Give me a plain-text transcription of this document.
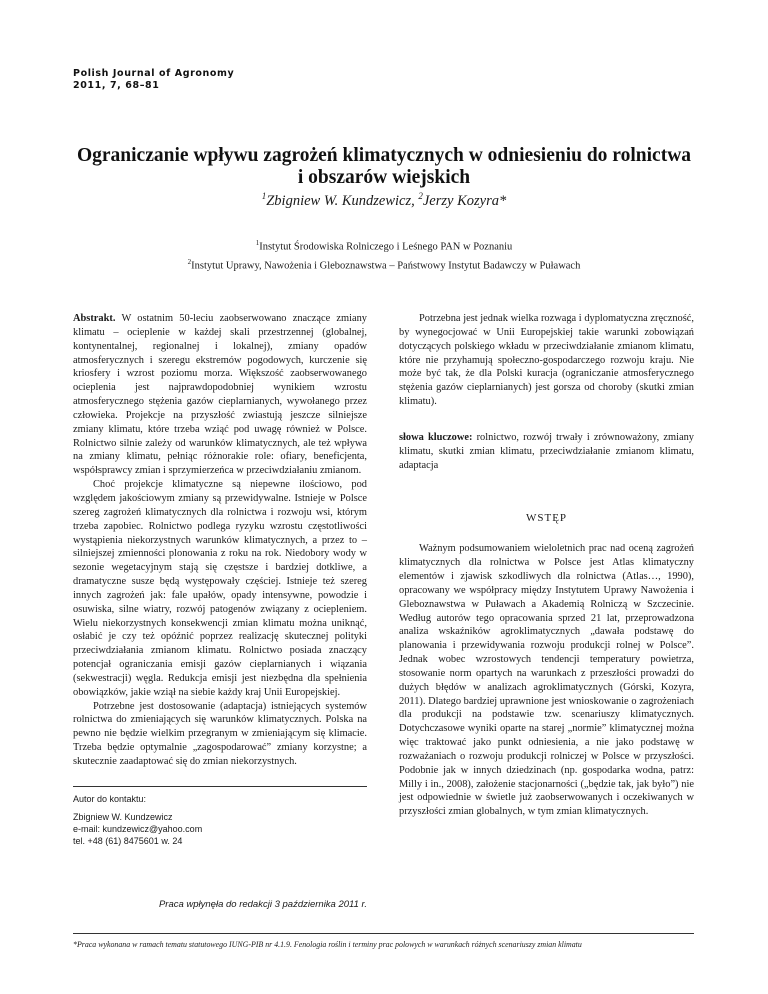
Polish Journal of Agronomy
2011, 7, 68–81
Ograniczanie wpływu zagrożeń klimatycznych w odniesieniu do rolnictwa
i obszarów wiejskich
$^1$Zbigniew W. Kundzewicz, $^2$Jerzy Kozyra*
$^1$Instytut Środowiska Rolniczego i Leśnego PAN w Poznaniu
$^2$Instytut Uprawy, Nawożenia i Gleboznawstwa – Państwowy Instytut Badawczy w Puławach

Abstrakt. W ostatnim 50-leciu zaobserwowano znaczące zmiany klimatu – ocieplenie w każdej skali przestrzennej (globalnej, kontynentalnej, regionalnej i lokalnej), zmiany opadów atmosferycznych i szeregu ekstremów pogodowych, kurczenie się kriosfery i wzrost poziomu morza. Większość zaobserwowanego ocieplenia jest najprawdopodobniej wynikiem wzrostu atmosferycznego stężenia gazów cieplarnianych, wywołanego przez człowieka. Projekcje na przyszłość zwiastują jeszcze silniejsze zmiany klimatu, które trzeba wziąć pod uwagę również w Polsce. Rolnictwo silnie zależy od warunków klimatycznych, ale też wpływa na zmiany klimatu, pełniąc różnorakie role: ofiary, beneficjenta, współsprawcy zmian i sprzymierzeńca w przeciwdziałaniu zmianom.

Choć projekcje klimatyczne są niepewne ilościowo, pod względem jakościowym zmiany są przewidywalne. Istnieje w Polsce szereg zagrożeń klimatycznych dla rolnictwa i rozwoju wsi, którym trzeba zapobiec. Rolnictwo podlega ryzyku wzrostu częstotliwości wystąpienia niekorzystnych warunków klimatycznych, a przez to – silniejszej zmienności plonowania z roku na rok. Niedobory wody w sezonie wegetacyjnym stają się częstsze i bardziej dotkliwe, a dramatyczne susze będą występowały częściej. Istnieje też szereg innych zagrożeń jak: fale upałów, opady intensywne, powodzie i osuwiska, silne wiatry, rozwój patogenów związany z ociepleniem. Wielu niekorzystnych konsekwencji zmian klimatu można uniknąć, osłabić je czy też opóźnić poprzez realizację skutecznej polityki przeciwdziałania zmianom klimatu. Rolnictwo posiada znaczący potencjał ograniczania emisji gazów cieplarnianych i wiązania (sekwestracji) węgla. Redukcja emisji jest niezbędna dla spełnienia obowiązków, jakie wziął na siebie każdy kraj Unii Europejskiej.

Potrzebne jest dostosowanie (adaptacja) istniejących systemów rolnictwa do zmieniających się warunków klimatycznych. Polska na pewno nie będzie wielkim przegranym w zmieniającym się klimacie. Trzeba będzie optymalnie „zagospodarować” zmiany korzystne; a skutecznie zaadaptować się do zmian niekorzystnych.

Autor do kontaktu:
Zbigniew W. Kundzewicz
e-mail: kundzewicz@yahoo.com
tel. +48 (61) 8475601 w. 24
Praca wpłynęła do redakcji 3 października 2011 r.

Potrzebna jest jednak wielka rozwaga i dyplomatyczna zręczność, by wynegocjować w Unii Europejskiej takie warunki zobowiązań dotyczących polskiego wkładu w przeciwdziałanie zmianom klimatu, które nie przyhamują społeczno-gospodarczego rozwoju kraju. Nie może być tak, że dla Polski kuracja (ograniczanie atmosferycznego stężenia gazów cieplarnianych) jest gorsza od choroby (skutki zmian klimatu).

słowa kluczowe: rolnictwo, rozwój trwały i zrównoważony, zmiany klimatu, skutki zmian klimatu, przeciwdziałanie zmianom klimatu, adaptacja

WSTĘP

Ważnym podsumowaniem wieloletnich prac nad oceną zagrożeń klimatycznych dla rolnictwa w Polsce jest Atlas klimatyczny elementów i zjawisk szkodliwych dla rolnictwa (Atlas…, 1990), opracowany we współpracy między Instytutem Uprawy Nawożenia i Gleboznawstwa w Puławach a Akademią Rolniczą w Szczecinie. Według autorów tego opracowania sprzed 21 lat, przeprowadzona analiza wskaźników agroklimatycznych „dawała podstawę do planowania i przewidywania rozwoju produkcji rolnej w Polsce”. Jednak wobec wzrostowych tendencji temperatury powietrza, stosowanie norm opartych na warunkach z przeszłości prowadzi do dużych błędów w analizach agroklimatycznych (Górski, Kozyra, 2011). Dlatego bardziej uprawnione jest wnioskowanie o zagrożeniach dla produkcji na podstawie tzw. scenariuszy klimatycznych. Dotychczasowe wyniki oparte na starej „normie” klimatycznej można więc traktować jako punkt odniesienia, a nie jako podstawę w rozważaniach o rozwoju produkcji rolniczej w Polsce w przyszłości. Podobnie jak w innych dziedzinach (np. gospodarka wodna, patrz: Milly i in., 2008), założenie stacjonarności („będzie tak, jak było”) nie jest odpowiednie w świetle już zaobserwowanych i oczekiwanych w przyszłości zmian globalnych, w tym zmian klimatycznych.

*Praca wykonana w ramach tematu statutowego IUNG-PIB nr 4.1.9. Fenologia roślin i terminy prac polowych w warunkach różnych scenariuszy zmian klimatu
